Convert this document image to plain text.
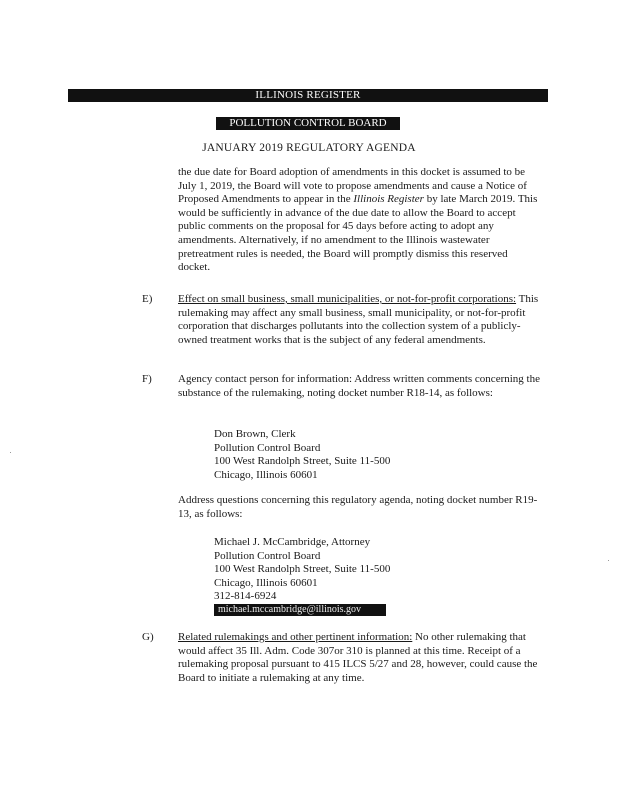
ILLINOIS REGISTER
POLLUTION CONTROL BOARD
JANUARY 2019 REGULATORY AGENDA

the due date for Board adoption of amendments in this docket is assumed to be July 1, 2019, the Board will vote to propose amendments and cause a Notice of Proposed Amendments to appear in the Illinois Register by late March 2019. This would be sufficiently in advance of the due date to allow the Board to accept public comments on the proposal for 45 days before acting to adopt any amendments. Alternatively, if no amendment to the Illinois wastewater pretreatment rules is needed, the Board will promptly dismiss this reserved docket.

E) Effect on small business, small municipalities, or not-for-profit corporations: This rulemaking may affect any small business, small municipality, or not-for-profit corporation that discharges pollutants into the collection system of a publicly-owned treatment works that is the subject of any federal amendments.

F) Agency contact person for information: Address written comments concerning the substance of the rulemaking, noting docket number R18-14, as follows:

Don Brown, Clerk
Pollution Control Board
100 West Randolph Street, Suite 11-500
Chicago, Illinois 60601

Address questions concerning this regulatory agenda, noting docket number R19-13, as follows:

Michael J. McCambridge, Attorney
Pollution Control Board
100 West Randolph Street, Suite 11-500
Chicago, Illinois 60601
312-814-6924
michael.mccambridge@illinois.gov
G) Related rulemakings and other pertinent information: No other rulemaking that would affect 35 Ill. Adm. Code 307or 310 is planned at this time. Receipt of a rulemaking proposal pursuant to 415 ILCS 5/27 and 28, however, could cause the Board to initiate a rulemaking at any time.
